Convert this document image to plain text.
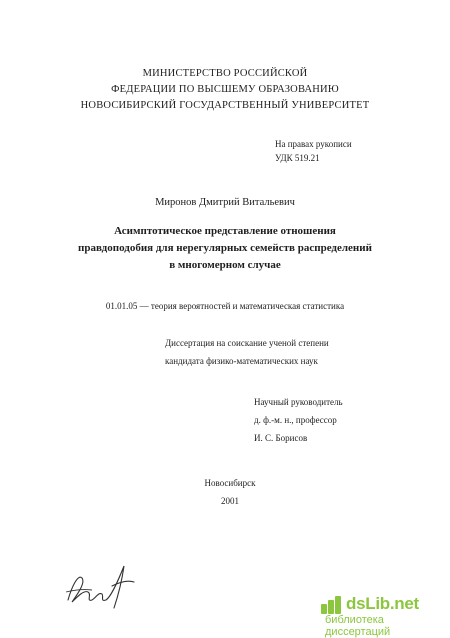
МИНИСТЕРСТВО РОССИЙСКОЙ
ФЕДЕРАЦИИ ПО ВЫСШЕМУ ОБРАЗОВАНИЮ
НОВОСИБИРСКИЙ ГОСУДАРСТВЕННЫЙ УНИВЕРСИТЕТ
На правах рукописи
УДК 519.21
Миронов Дмитрий Витальевич
Асимптотическое представление отношения
правдоподобия для нерегулярных семейств распределений
в многомерном случае
01.01.05 — теория вероятностей и математическая статистика
Диссертация на соискание ученой степени
кандидата физико-математических наук
Научный руководитель
д. ф.-м. н., профессор
И. С. Борисов
Новосибирск
2001
dsLib.net
библиотека диссертаций
